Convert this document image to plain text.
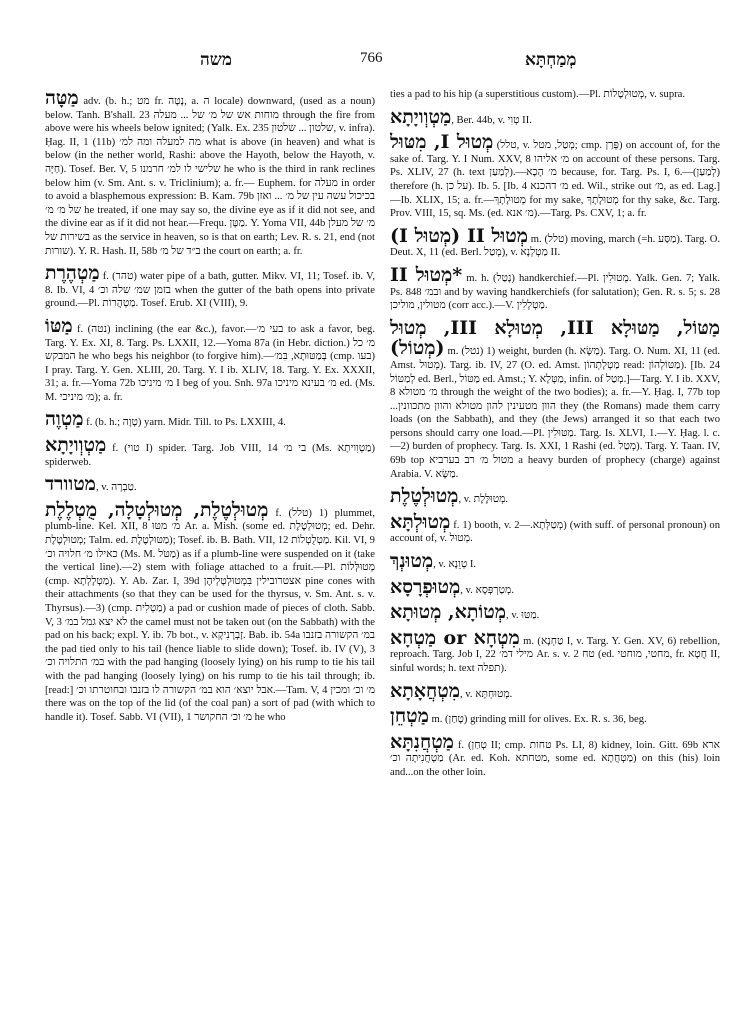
משה	766	מְמַחְתָּא

מַטָּה adv. (b. h.; מט fr. נָטָה, a. ה locale) downward, (used as a noun) below. Tanh. B'shall. 23 מוחות אש של מ׳ של ... מעלה through the fire from above were his wheels below ignited; (Yalk. Ex. 235 שלטון ... שלטון, v. infra). Ḥag. II, 1 (11b) מה למעלה ומה למ׳ what is above (in heaven) and what is below (in the nether world, Rashi: above the Hayoth, below the Hayoth, v. חַיָּה). Tosef. Ber. V, 5 שלישי לו למ׳ חרמנו he who is the third in rank reclines below him (v. Sm. Ant. s. v. Triclinium); a. fr.— Euphem. for מעלה in order to avoid a blasphemous expression: B. Kam. 79b בכיכול עשה עין של מ׳ ... ואזן של מ׳ מ׳ he treated, if one may say so, the divine eye as if it did not see, and the divine ear as if it did not hear.—Frequ. מַטָּן. Y. Yoma VII, 44b מ׳ של מעלן בשירות של as the service in heaven, so is that on earth; Lev. R. s. 21, end (not שורות). Y. R. Hash. II, 58b ב״ד של מ׳ the court on earth; a. fr.

מַטְהֶרֶת f. (טהר) water pipe of a bath, gutter. Mikv. VI, 11; Tosef. ib. V, 8. Ib. VI, 4 בזמן שמ׳ שלה וכ׳ when the gutter of the bath opens into private ground.—Pl. מַטְהֲרוֹת. Tosef. Erub. XI (VIII), 9.

מַטּוֹ f. (נטה) inclining (the ear &c.), favor.—בעי מ׳ to ask a favor, beg. Targ. Y. Ex. XI, 8. Targ. Ps. LXXII, 12.—Yoma 87a (in Hebr. diction.) מ׳ כל המבקש he who begs his neighbor (to forgive him).—בְּמַטּוּתָא, בִּמ׳ (cmp. בעו) I pray. Targ. Y. Gen. XLIII, 20. Targ. Y. I ib. XLIV, 18. Targ. Y. Ex. XXXII, 31; a. fr.—Yoma 72b מ׳ מיניכו I beg of you. Snh. 97a מ׳ בעינא מיניכו ed. (Ms. M. מ׳ מיניכי); a. fr.

מַטְוֶה f. (b. h.; טָוָה) yarn. Midr. Till. to Ps. LXXIII, 4.

מַטְוְויָתָא f. (טוי I) spider. Targ. Job VIII, 14 בי מ׳ (Ms. מַטְוִויתָא) spiderweb.

מטוורד, v. טַבְרָה.

מְטוּלְטֶלֶת, מְטוּלְטָלָה, מֻטְלֶלֶת f. (טלל) 1) plummet, plumb-line. Kel. XII, 8 מ׳ מטּוּ Ar. a. Mish. (some ed. מְטוּלְטֶלֶת; ed. Dehr. מְטוּלְטֶלֶת; Talm. ed. מַטּוּלְטֶלֶת); Tosef. ib. B. Bath. VII, 12 מַטְלֻטְלוֹת. Kil. VI, 9 כאילו מ׳ חלויה וכ׳ (Ms. M. מַטֹּל) as if a plumb-line were suspended on it (take the vertical line).—2) stem with foliage attached to a fruit.—Pl. מְטוּלְּלוֹת (cmp. מַטְלָלְתָא). Y. Ab. Zar. I, 39d אצטרובילין בִּמְטוּלְטָלְיהֶן pine cones with their attachments (so that they can be used for the thyrsus, v. Sm. Ant. s. v. Thyrsus).—3) (cmp. מַטְלִית) a pad or cushion made of pieces of cloth. Sabb. V, 3 לא יצא גמל במ׳ the camel must not be taken out (on the Sabbath) with the pad on his back; expl. Y. ib. 7b bot., v. זָבְרָנִיקָא. Bab. ib. 54a במ׳ הקשורה בזנבו the pad tied only to his tail (hence liable to slide down); Tosef. ib. IV (V), 3 במ׳ התלויה וכ׳ with the pad hanging (loosely lying) on his rump to tie his tail with the pad hanging (loosely lying) on his rump to tie his tail through; ib. [read:] אבל יוצא׳ הוא במ׳ הקשורה לו בזנבו ובחוטרתו וכ׳.—Tam. V, 4 מ׳ וכ׳ ומכין there was on the top of the lid (of the coal pan) a sort of pad (with which to handle it). Tosef. Sabb. VI (VII), 1 מ׳ וכ׳ החקושר he who

ties a pad to his hip (a superstitious custom).—Pl. מְטוּלְטָלוֹת, v. supra.

מַטְוְויָתָא, Ber. 44b, v. טְוִי II.

מְטוּל I, מִטּוּל (טלל, v. מְטַל, מטל; cmp. פְּרַן) on account of, for the sake of. Targ. Y. I Num. XXV, 8 מ׳ אליהו on account of these persons. Targ. Ps. XLIV, 27 (h. text לְמַעַן).—מ׳ הָכָא because, for. Targ. Ps. I, 6.—(לְמַעַן) therefore (h. על כן). Ib. 5. [Ib. 4 מ׳ דהכנא ed. Wil., strike out מ׳, as ed. Lag.]—Ib. XLIX, 15; a. fr.—מְטוּלָתָךְ for my sake, מְטוּלָתָךְ for thy sake, &c. Targ. Prov. VIII, 15, sq. Ms. (ed. מ׳ אנא).—Targ. Ps. CXV, 1; a. fr.

מְטוּל II (מְטוּל I) m. (טלל) moving, march (=h. מַסַּע). Targ. O. Deut. X, 11 (ed. Berl. מְטַל), v. מַטְלְנָא II.

*מְטוּל II m. h. (נָטַל) handkerchief.—Pl. מְטוּלִין. Yalk. Gen. 7; Yalk. Ps. 848 ובמ׳ and by waving handkerchiefs (for salutation); Gen. R. s. 5; s. 28 מטולין, מוליכן (corr acc.).—V. מַטְלְלִין.

מַטּוֹל, מַטּוּלָא III, מְטוּלָא III, מְטוּל (מְטוֹל) m. (נטל) 1) weight, burden (h. מַשָּׂא). Targ. O. Num. XI, 11 (ed. Amst. מְטוּל). Targ. ib. IV, 27 (O. ed. Amst. מַטְלָתְהוֹן read: מַטּוֹלְהוֹן). [Ib. 24 לְמַטּוֹל ed. Berl., מַטּוֹל ed. Amst.; Y. מַטְּלָא, infin. of מְטַל.]—Targ. Y. I ib. XXV, 8 מ׳ מטולא through the weight of the two bodies); a. fr.—Y. Ḥag. I, 77b top ...הוון מטעינין להון מטולא והוון מתכוונין they (the Romans) made them carry loads (on the Sabbath), and they (the Jews) arranged it so that each two persons should carry one load.—Pl. מַטּוּלִין. Targ. Is. XLVI, 1.—Y. Ḥag. l. c.—2) burden of prophecy. Targ. Is. XXI, 1 Rashi (ed. מְטַל). Targ. Y. Taan. IV, 69b top מטול מ׳ רב בערביא a heavy burden of prophecy (charge) against Arabia. V. מַשָּׂא.

מְטוּלְטֶלֶת, v. מְטוּלֶּלֶת.

מְטוּלְתָּא f. 1) booth, v. מְטַלְּתָא.—2) (with suff. of personal pronoun) on account of, v. מְטוּל.

מְטוּנְךְ, v. טְוֵנָא I.

מְטוּפְרָסָא, v. מְטַרְפְּסָא.

מְטוֹתָא, מְטוּתָא, v. מַטּוּ.

מִטְחָא or מַטְחָא m. (טַחְנָא I, v. Targ. Y. Gen. XV, 6) rebellion, reproach. Targ. Job I, 22 מילי דמ׳ Ar. s. v. טח 2 (ed. מחטי, מוחטי, fr. חֲטָא II, sinful words; h. text תפלה).

מִטְחֲאָתָא, v. מְטוּחְתָּא.

מַטְחֵן m. (טָחַן) grinding mill for olives. Ex. R. s. 36, beg.

מַטְחֲנִתָּא f. (טְחַן II; cmp. טחות Ps. LI, 8) kidney, loin. Gitt. 69b ארא מַטְחֲנִיתָה וכ׳ (Ar. ed. Koh. מטחתא, some ed. מַטְחֲתָא) on this (his) loin and...on the other loin.
